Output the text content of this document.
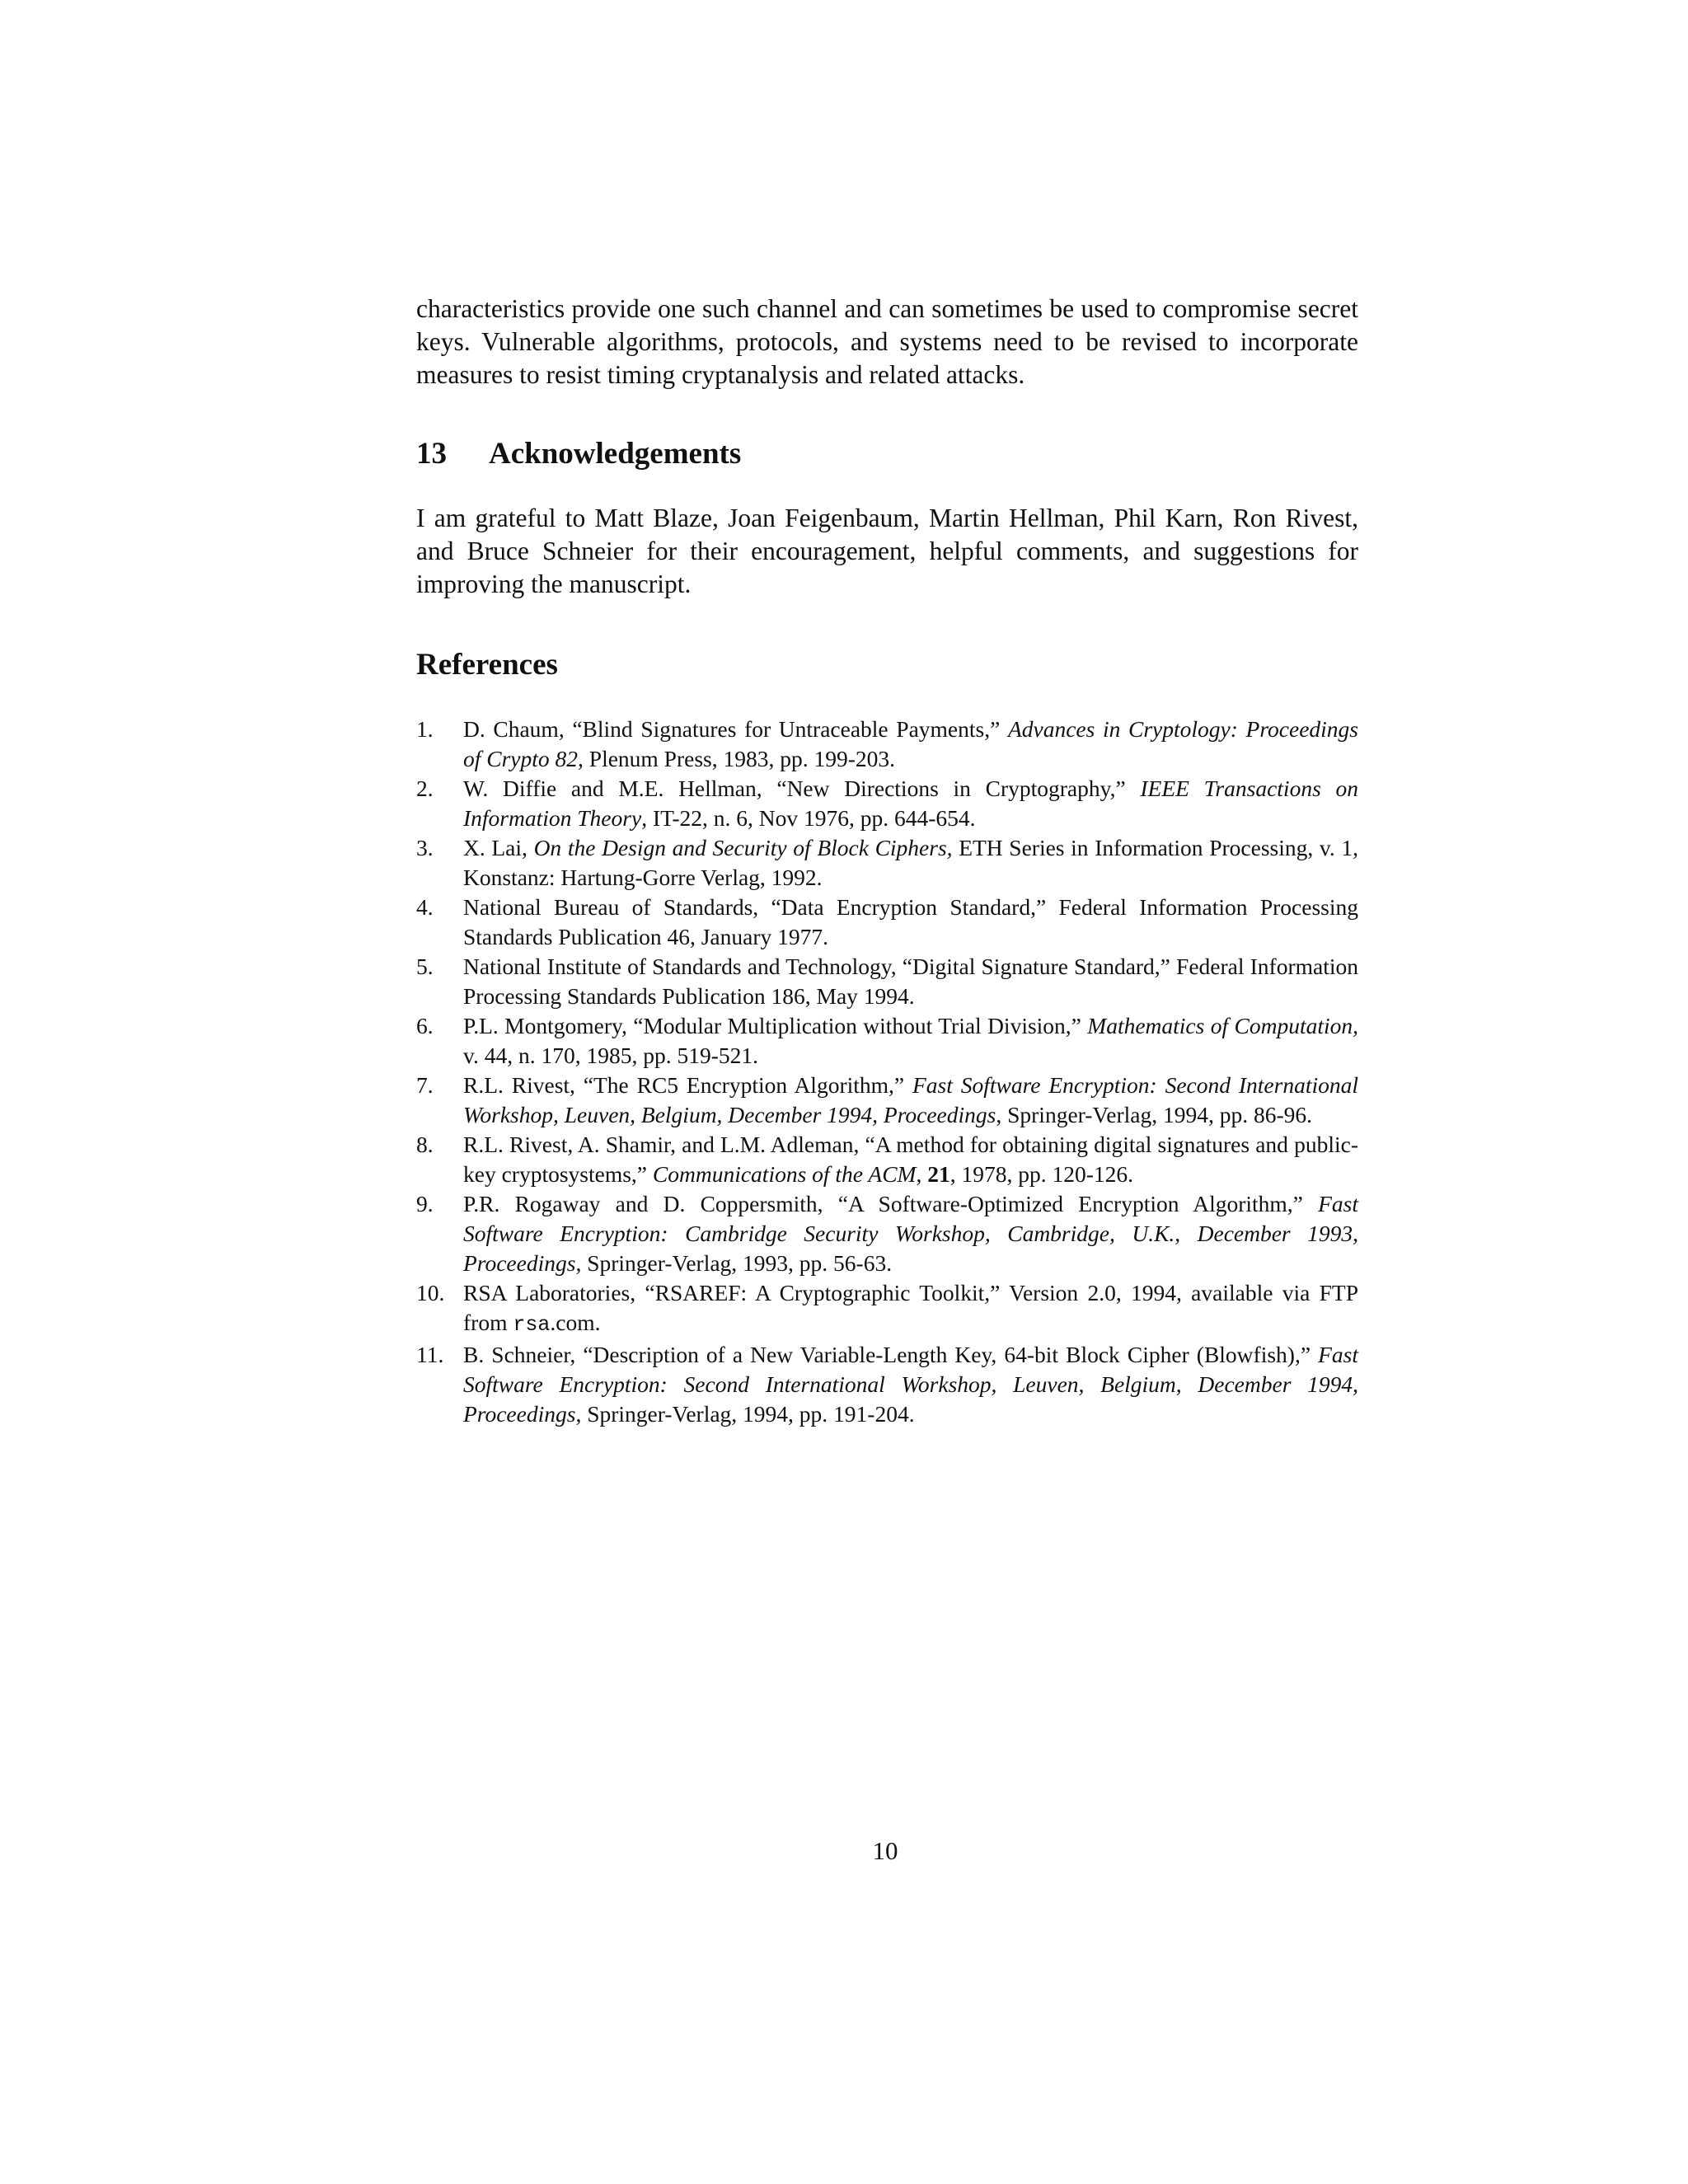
characteristics provide one such channel and can sometimes be used to compromise secret keys. Vulnerable algorithms, protocols, and systems need to be revised to incorporate measures to resist timing cryptanalysis and related attacks.

13 Acknowledgements

I am grateful to Matt Blaze, Joan Feigenbaum, Martin Hellman, Phil Karn, Ron Rivest, and Bruce Schneier for their encouragement, helpful comments, and suggestions for improving the manuscript.

References
1.	D. Chaum, “Blind Signatures for Untraceable Payments,” Advances in Cryptology: Proceedings of Crypto 82, Plenum Press, 1983, pp. 199-203.
2.	W. Diffie and M.E. Hellman, “New Directions in Cryptography,” IEEE Transactions on Information Theory, IT-22, n. 6, Nov 1976, pp. 644-654.
3.	X. Lai, On the Design and Security of Block Ciphers, ETH Series in Information Processing, v. 1, Konstanz: Hartung-Gorre Verlag, 1992.
4.	National Bureau of Standards, “Data Encryption Standard,” Federal Information Processing Standards Publication 46, January 1977.
5.	National Institute of Standards and Technology, “Digital Signature Standard,” Federal Information Processing Standards Publication 186, May 1994.
6.	P.L. Montgomery, “Modular Multiplication without Trial Division,” Mathematics of Computation, v. 44, n. 170, 1985, pp. 519-521.
7.	R.L. Rivest, “The RC5 Encryption Algorithm,” Fast Software Encryption: Second International Workshop, Leuven, Belgium, December 1994, Proceedings, Springer-Verlag, 1994, pp. 86-96.
8.	R.L. Rivest, A. Shamir, and L.M. Adleman, “A method for obtaining digital signatures and public-key cryptosystems,” Communications of the ACM, 21, 1978, pp. 120-126.
9.	P.R. Rogaway and D. Coppersmith, “A Software-Optimized Encryption Algorithm,” Fast Software Encryption: Cambridge Security Workshop, Cambridge, U.K., December 1993, Proceedings, Springer-Verlag, 1993, pp. 56-63.
10. RSA Laboratories, “RSAREF: A Cryptographic Toolkit,” Version 2.0, 1994, available via FTP from rsa.com.
11. B. Schneier, “Description of a New Variable-Length Key, 64-bit Block Cipher (Blowfish),” Fast Software Encryption: Second International Workshop, Leuven, Belgium, December 1994, Proceedings, Springer-Verlag, 1994, pp. 191-204.
10
